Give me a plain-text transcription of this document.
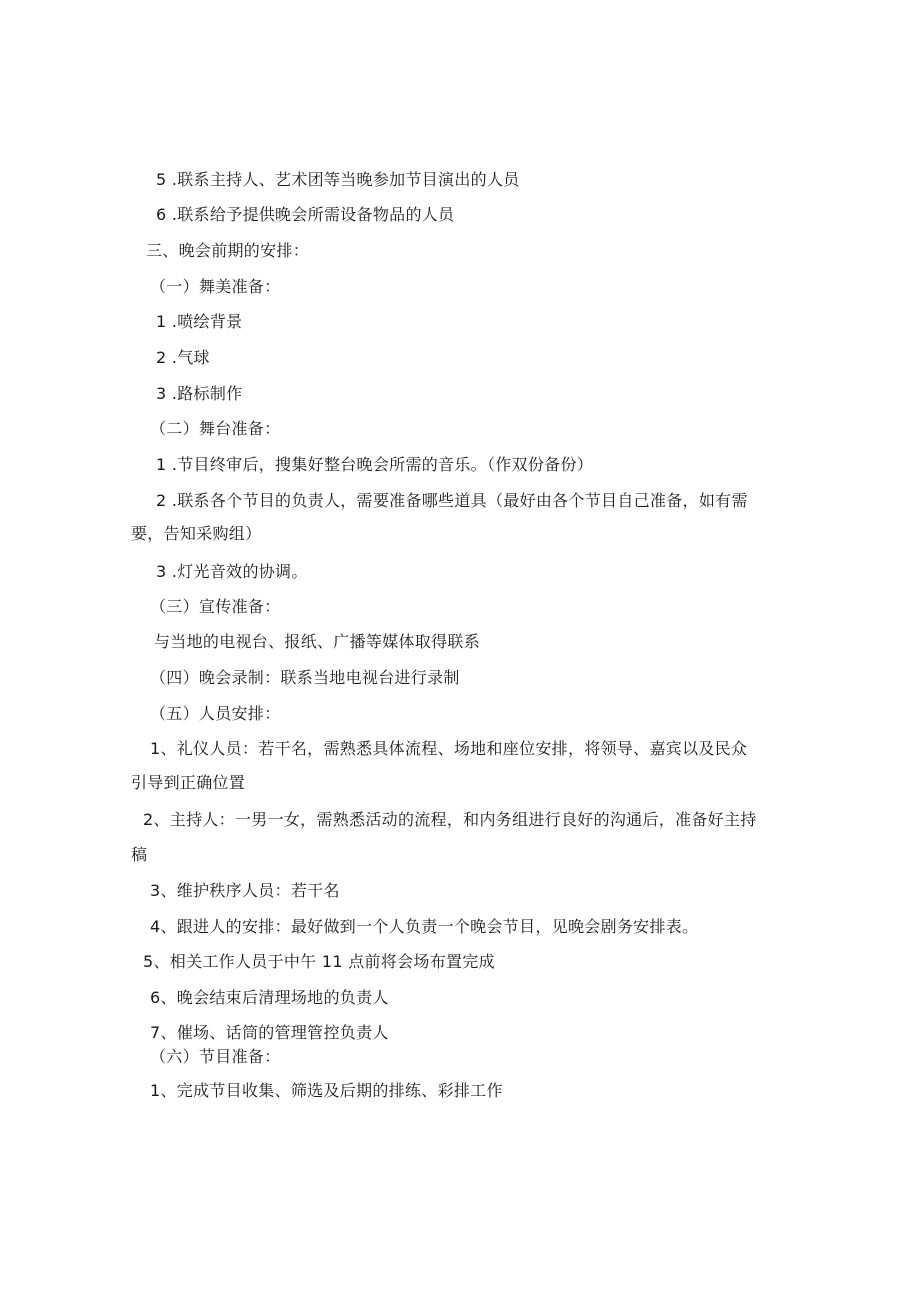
5 .联系主持人、艺术团等当晚参加节目演出的人员
6 .联系给予提供晚会所需设备物品的人员
三、晚会前期的安排：
（一）舞美准备：
1 .喷绘背景
2 .气球
3 .路标制作
（二）舞台准备：
1 .节目终审后，搜集好整台晚会所需的音乐。（作双份备份）
2 .联系各个节目的负责人，需要准备哪些道具（最好由各个节目自己准备，如有需
要，告知采购组）
3 .灯光音效的协调。
（三）宣传准备：
与当地的电视台、报纸、广播等媒体取得联系
（四）晚会录制：联系当地电视台进行录制
（五）人员安排：
1、礼仪人员：若干名，需熟悉具体流程、场地和座位安排，将领导、嘉宾以及民众
引导到正确位置
2、主持人：一男一女，需熟悉活动的流程，和内务组进行良好的沟通后，准备好主持
稿
3、维护秩序人员：若干名
4、跟进人的安排：最好做到一个人负责一个晚会节目，见晚会剧务安排表。
5、相关工作人员于中午 11 点前将会场布置完成
6、晚会结束后清理场地的负责人
7、催场、话筒的管理管控负责人
（六）节目准备：
1、完成节目收集、筛选及后期的排练、彩排工作
